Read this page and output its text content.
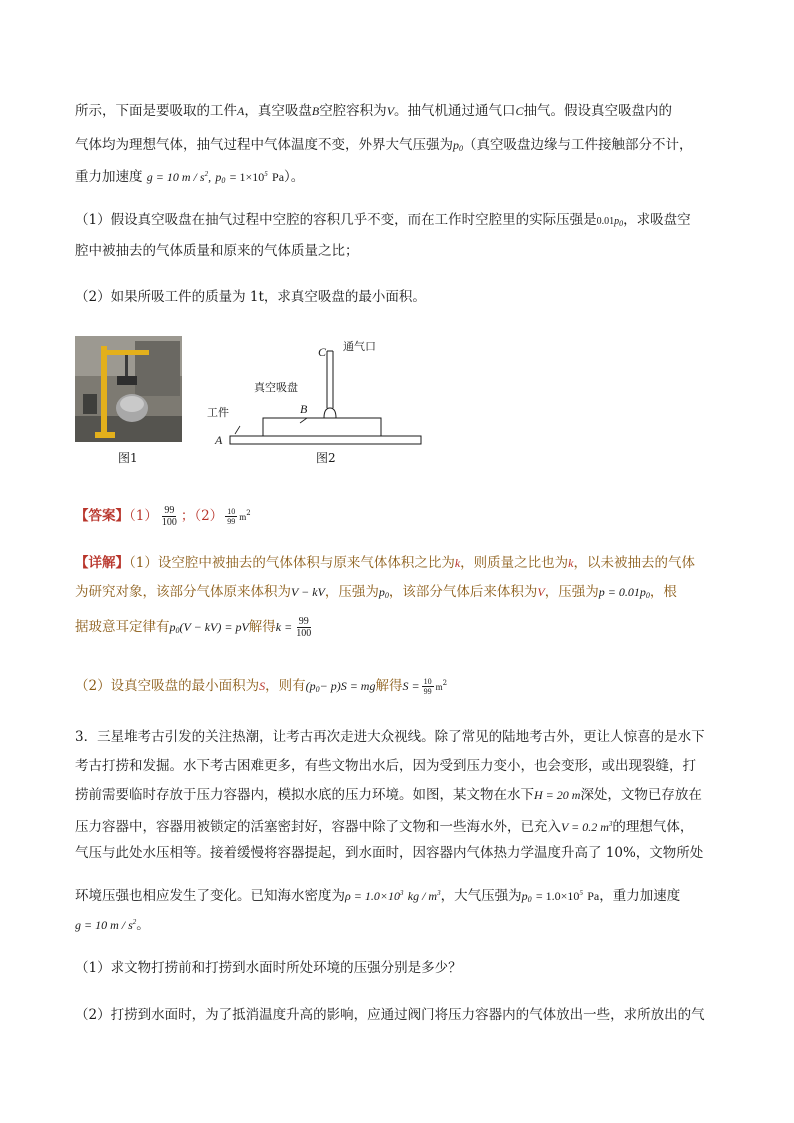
所示，下面是要吸取的工件A，真空吸盘B空腔容积为V。抽气机通过通气口C抽气。假设真空吸盘内的
气体均为理想气体，抽气过程中气体温度不变，外界大气压强为p0（真空吸盘边缘与工件接触部分不计，
重力加速度 g = 10 m / $s^2$, $p0 = 1\times 10^5$ Pa）。
（1）假设真空吸盘在抽气过程中空腔的容积几乎不变，而在工作时空腔里的实际压强是0.01p0，求吸盘空
腔中被抽去的气体质量和原来的气体质量之比；
（2）如果所吸工件的质量为 1t，求真空吸盘的最小面积。
图1
C 通气口
真空吸盘
B
工件
A
图2
【答案】$(1) \frac{99}{100}$ ；$(2) \frac{10}{99} m^2$
【详解】（1）设空腔中被抽去的气体体积与原来气体体积之比为k，则质量之比也为k，以未被抽去的气体
为研究对象，该部分气体原来体积为V − kV，压强为p0，该部分气体后来体积为V，压强为p = 0.01p0，根
据玻意耳定律有p0(V − kV) = pV解得$k = \frac{99}{100}$
（2）设真空吸盘的最小面积为S，则有(p0− p)S = mg解得$S = \frac{10}{99} m^2$
3．三星堆考古引发的关注热潮，让考古再次走进大众视线。除了常见的陆地考古外，更让人惊喜的是水下
考古打捞和发掘。水下考古困难更多，有些文物出水后，因为受到压力变小，也会变形，或出现裂缝，打
捞前需要临时存放于压力容器内，模拟水底的压力环境。如图，某文物在水下H = 20 m深处，文物已存放在
压力容器中，容器用被锁定的活塞密封好，容器中除了文物和一些海水外，已充入V = 0.2 $m^3$的理想气体，
气压与此处水压相等。接着缓慢将容器提起，到水面时，因容器内气体热力学温度升高了 10%，文物所处
环境压强也相应发生了变化。已知海水密度为$\rho = 1.0\times 10^3$ kg / $m^3$，大气压强为$p0 = 1.0\times 10^5$ Pa，重力加速度
g = 10 m / $s^2$。
（1）求文物打捞前和打捞到水面时所处环境的压强分别是多少？
（2）打捞到水面时，为了抵消温度升高的影响，应通过阀门将压力容器内的气体放出一些，求所放出的气
